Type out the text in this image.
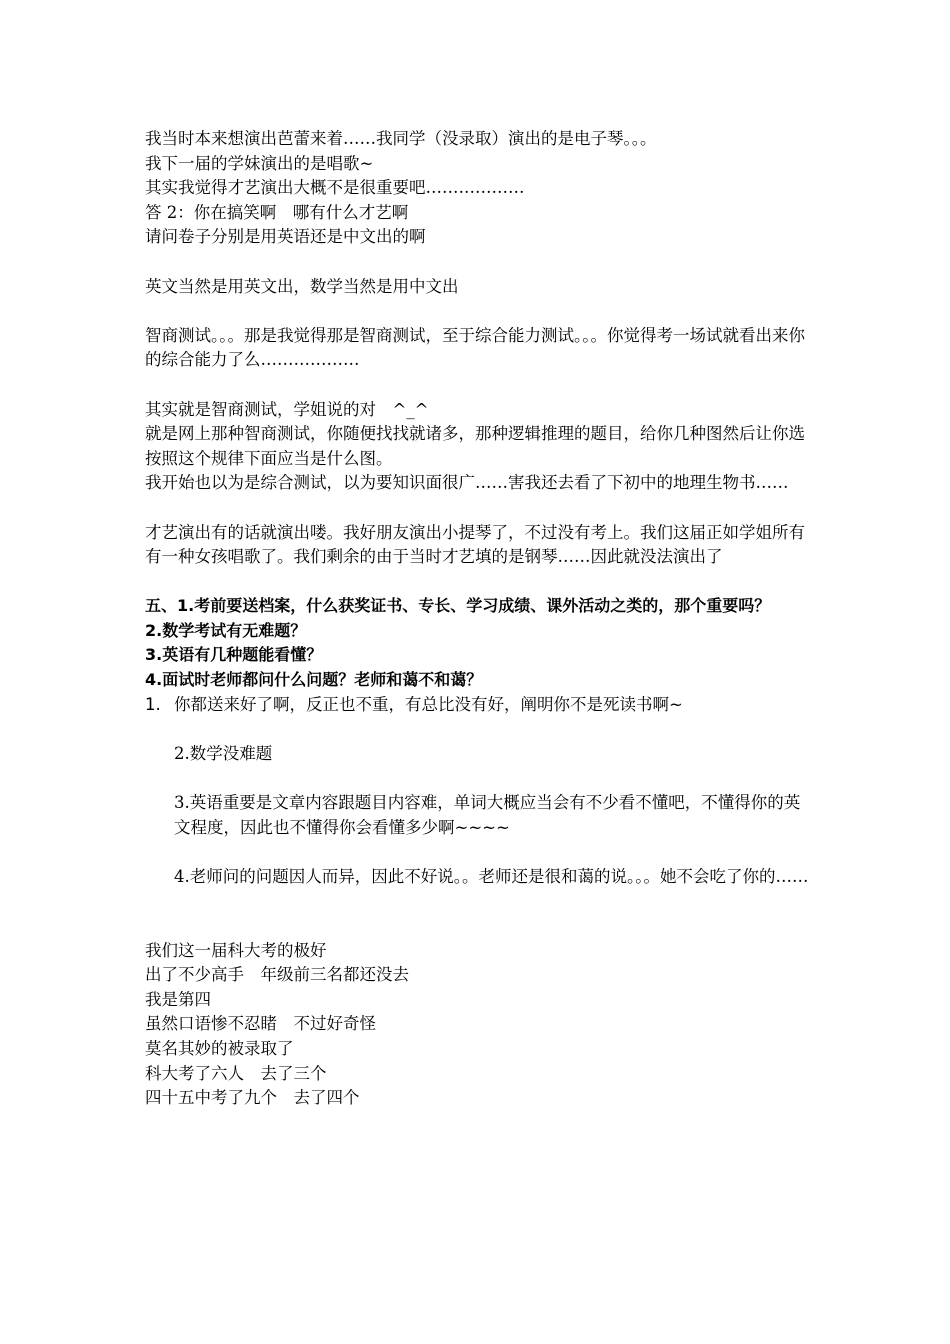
我当时本来想演出芭蕾来着……我同学（没录取）演出的是电子琴。。。
我下一届的学妹演出的是唱歌~
其实我觉得才艺演出大概不是很重要吧………………
答 2：你在搞笑啊　哪有什么才艺啊
请问卷子分别是用英语还是中文出的啊
英文当然是用英文出，数学当然是用中文出
智商测试。。。那是我觉得那是智商测试，至于综合能力测试。。。你觉得考一场试就看出来你的综合能力了么………………
其实就是智商测试，学姐说的对　^_^
就是网上那种智商测试，你随便找找就诸多，那种逻辑推理的题目，给你几种图然后让你选按照这个规律下面应当是什么图。
我开始也以为是综合测试，以为要知识面很广……害我还去看了下初中的地理生物书……
才艺演出有的话就演出喽。我好朋友演出小提琴了，不过没有考上。我们这届正如学姐所有有一种女孩唱歌了。我们剩余的由于当时才艺填的是钢琴……因此就没法演出了
五、1.考前要送档案，什么获奖证书、专长、学习成绩、课外活动之类的，那个重要吗？
2.数学考试有无难题？
3.英语有几种题能看懂？
4.面试时老师都问什么问题？老师和蔼不和蔼？
1. 你都送来好了啊，反正也不重，有总比没有好，阐明你不是死读书啊~
2.数学没难题
3.英语重要是文章内容跟题目内容难，单词大概应当会有不少看不懂吧，不懂得你的英文程度，因此也不懂得你会看懂多少啊~~~~
4.老师问的问题因人而异，因此不好说。。老师还是很和蔼的说。。。她不会吃了你的……
我们这一届科大考的极好
出了不少高手　年级前三名都还没去
我是第四
虽然口语惨不忍睹　不过好奇怪
莫名其妙的被录取了
科大考了六人　去了三个
四十五中考了九个　去了四个
